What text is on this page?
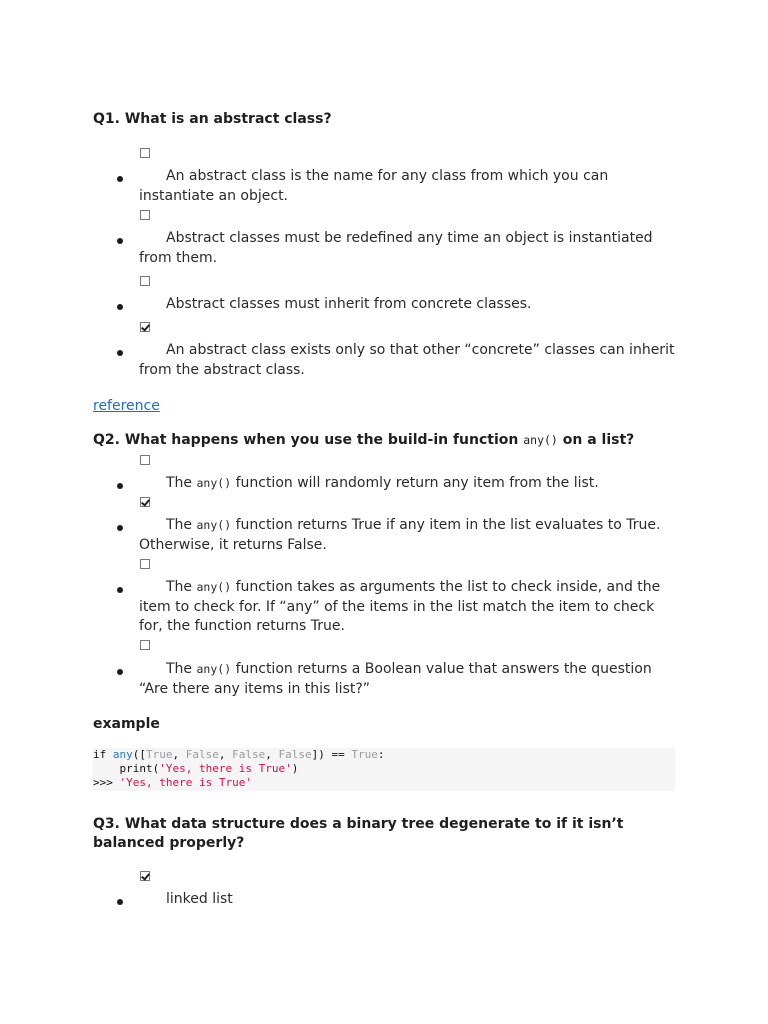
Q1. What is an abstract class?
An abstract class is the name for any class from which you can instantiate an object.
Abstract classes must be redefined any time an object is instantiated from them.
Abstract classes must inherit from concrete classes.
An abstract class exists only so that other “concrete” classes can inherit from the abstract class.
reference
Q2. What happens when you use the build-in function any() on a list?
The any() function will randomly return any item from the list.
The any() function returns True if any item in the list evaluates to True. Otherwise, it returns False.
The any() function takes as arguments the list to check inside, and the item to check for. If “any” of the items in the list match the item to check for, the function returns True.
The any() function returns a Boolean value that answers the question “Are there any items in this list?”
example
if any([True, False, False, False]) == True:
print('Yes, there is True')
>>> 'Yes, there is True'
Q3. What data structure does a binary tree degenerate to if it isn’t balanced properly?
linked list
